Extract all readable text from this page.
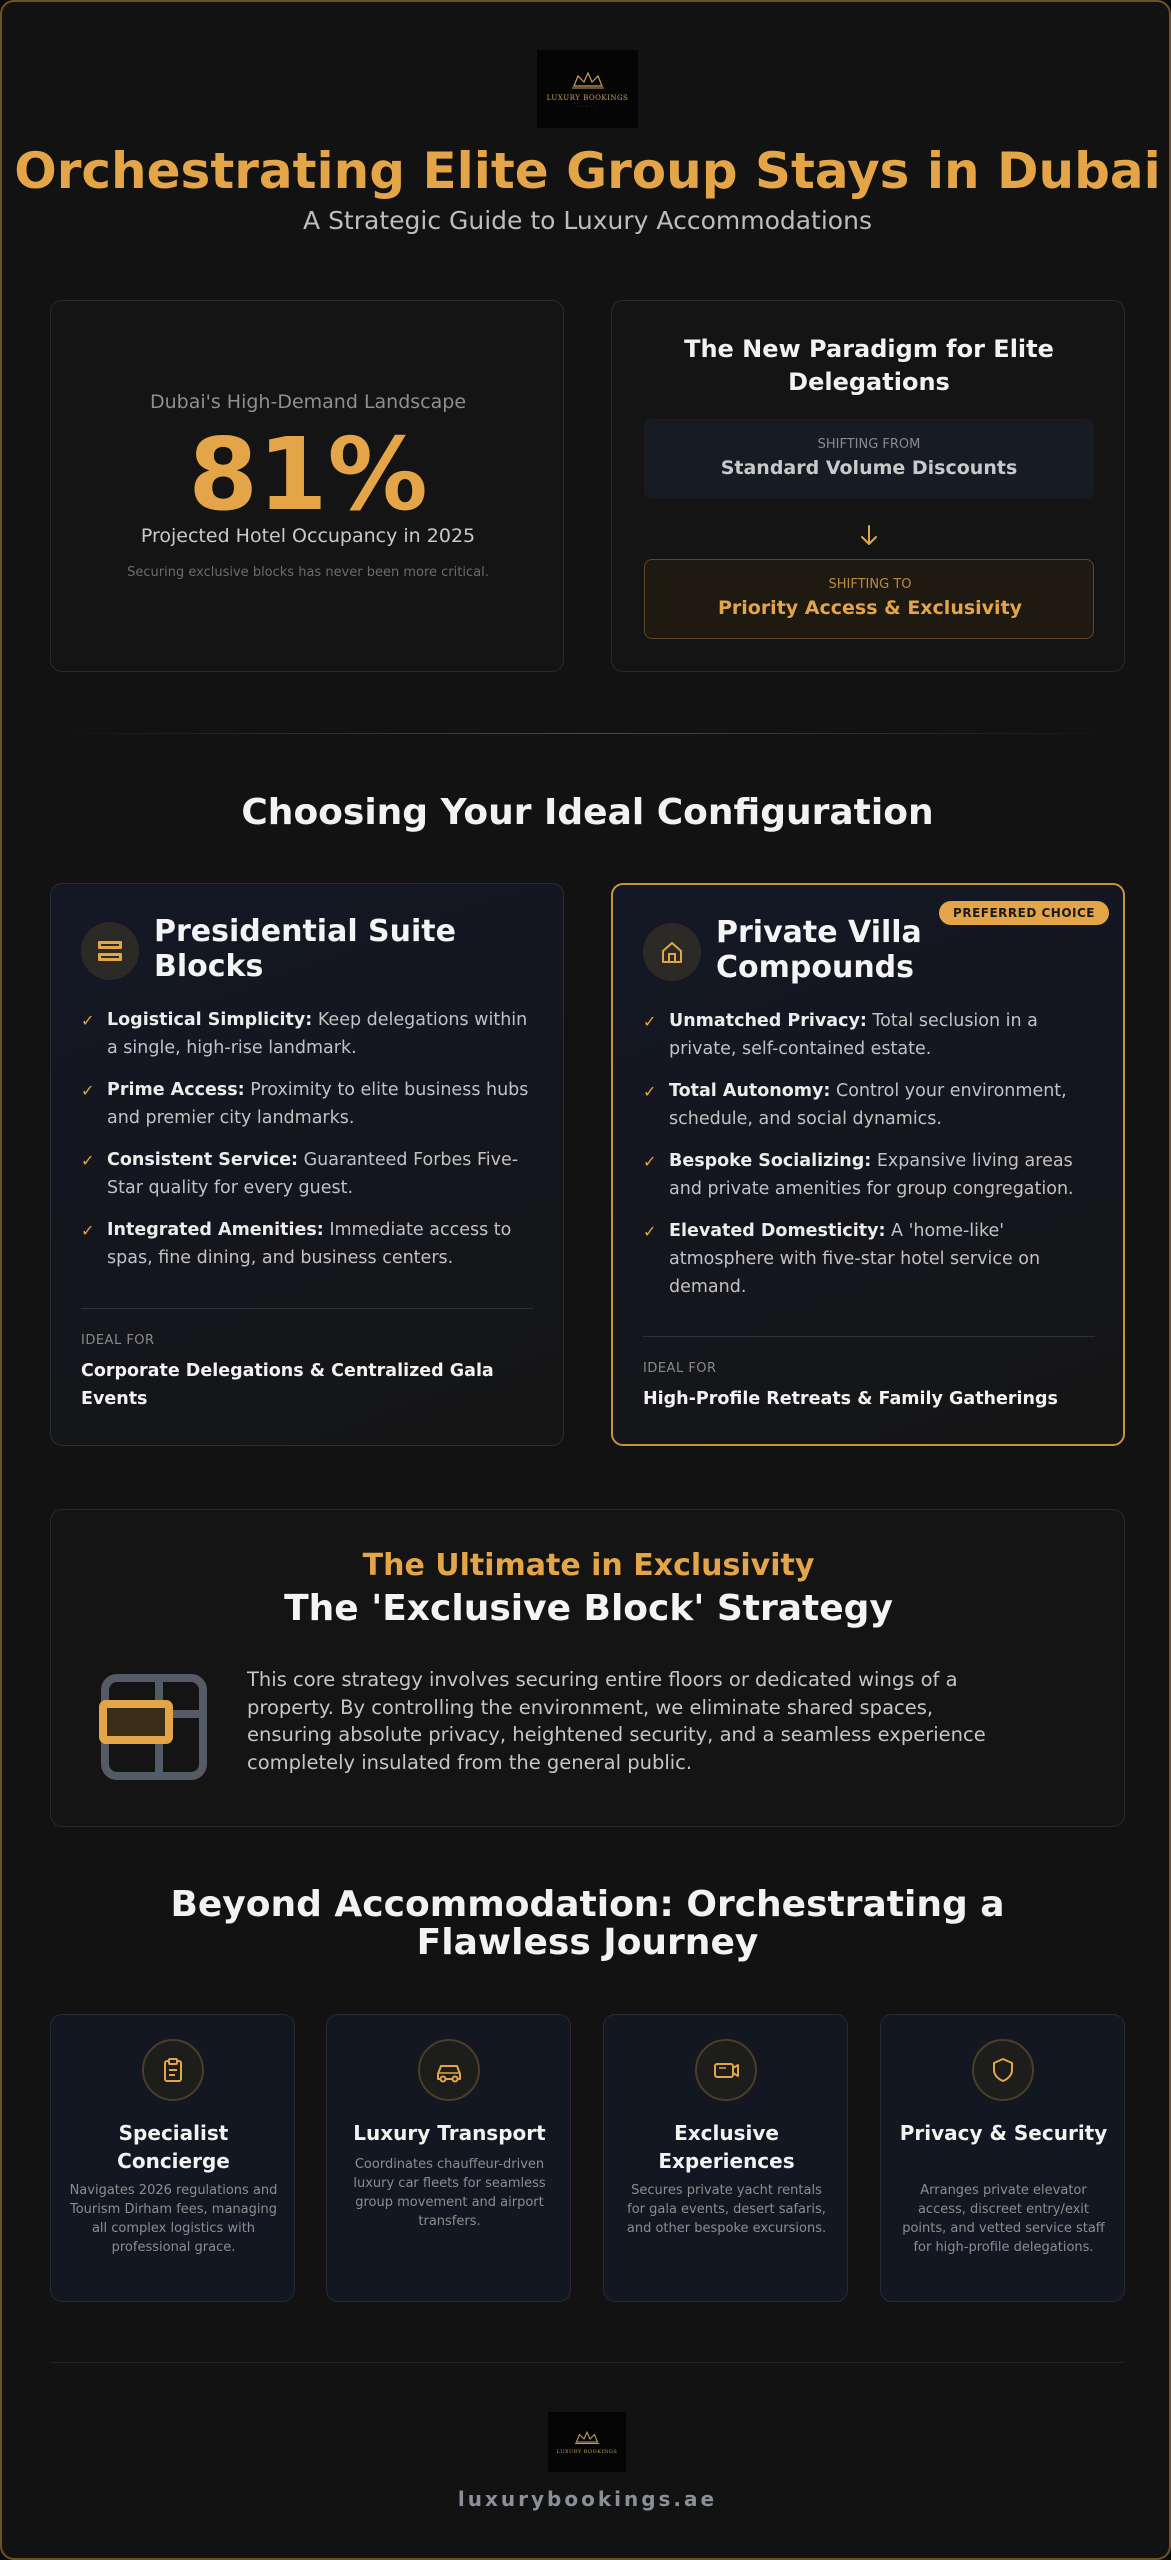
LUXURY BOOKINGS
· · · · ·
Orchestrating Elite Group Stays in Dubai
A Strategic Guide to Luxury Accommodations
Dubai's High-Demand Landscape
81%
Projected Hotel Occupancy in 2025
Securing exclusive blocks has never been more critical.
The New Paradigm for Elite Delegations
SHIFTING FROM
Standard Volume Discounts
SHIFTING TO
Priority Access & Exclusivity
Choosing Your Ideal Configuration
Presidential Suite Blocks
✓ Logistical Simplicity: Keep delegations within a single, high-rise landmark.
✓ Prime Access: Proximity to elite business hubs and premier city landmarks.
✓ Consistent Service: Guaranteed Forbes Five-Star quality for every guest.
✓ Integrated Amenities: Immediate access to spas, fine dining, and business centers.
IDEAL FOR
Corporate Delegations & Centralized Gala Events
PREFERRED CHOICE
Private Villa Compounds
✓ Unmatched Privacy: Total seclusion in a private, self-contained estate.
✓ Total Autonomy: Control your environment, schedule, and social dynamics.
✓ Bespoke Socializing: Expansive living areas and private amenities for group congregation.
✓ Elevated Domesticity: A 'home-like' atmosphere with five-star hotel service on demand.
IDEAL FOR
High-Profile Retreats & Family Gatherings
The Ultimate in Exclusivity
The 'Exclusive Block' Strategy
This core strategy involves securing entire floors or dedicated wings of a property. By controlling the environment, we eliminate shared spaces, ensuring absolute privacy, heightened security, and a seamless experience completely insulated from the general public.
Beyond Accommodation: Orchestrating a Flawless Journey
Specialist Concierge
Navigates 2026 regulations and Tourism Dirham fees, managing all complex logistics with professional grace.
Luxury Transport
Coordinates chauffeur-driven luxury car fleets for seamless group movement and airport transfers.
Exclusive Experiences
Secures private yacht rentals for gala events, desert safaris, and other bespoke excursions.
Privacy & Security
Arranges private elevator access, discreet entry/exit points, and vetted service staff for high-profile delegations.
LUXURY BOOKINGS
luxurybookings.ae
